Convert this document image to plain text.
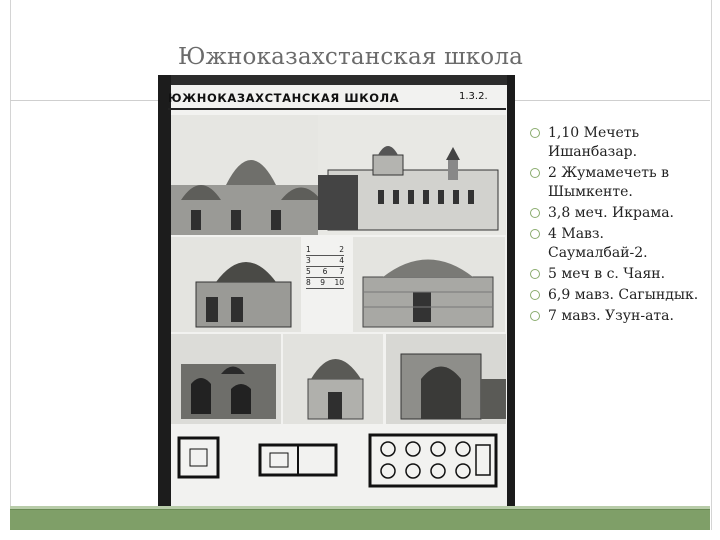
Южноказахстанская школа
ЮЖНОКАЗАХСТАНСКАЯ ШКОЛА	1.3.2.
1	2
3	4
5 6 7
8 9 10
1,10 Мечеть Ишанбазар.
2 Жумамечеть в Шымкенте.
3,8 меч. Икрама.
4 Мавз. Саумалбай-2.
5 меч в с. Чаян.
6,9 мавз. Сагындык.
7 мавз. Узун-ата.
